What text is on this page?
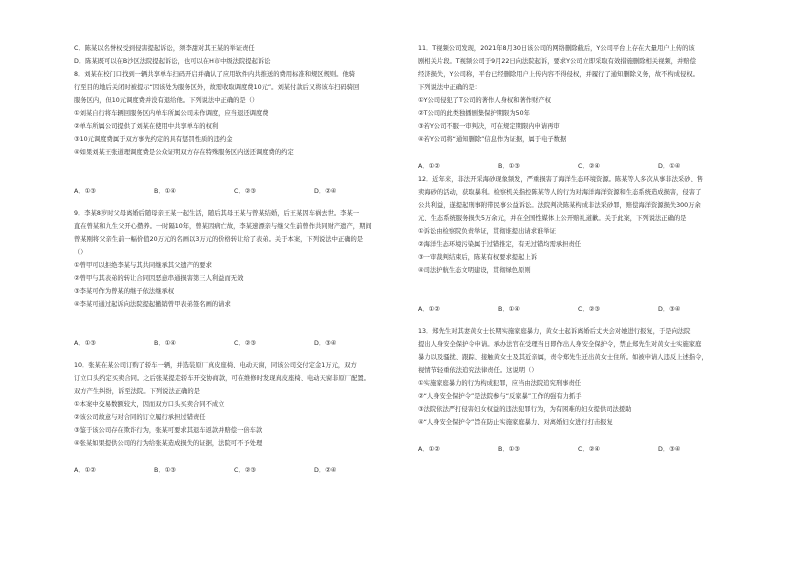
C．陈某以名誉权受到侵害提起诉讼，须李甜对其王某的举证责任
D．陈某既可以在B沙区法院提起诉讼，也可以在H市中级法院提起诉讼
8．刘某在校门口找到一辆共享单车扫码开启并确认了应用软件内共推送的费用标准和规区规则。他骑
行至目的地后关闭时被提示“因该处为服务区外，故需收取调度费10元”。刘某付款后又将该车扫码骑回
服务区内，但10元调度费并没有退给他。下列说法中正确的是（）
①刘某自行将车辆回服务区内单车所属公司未作调度，应当退还调度费
②单车所属公司提供了刘某在使用中共享单车的权利
③10元调度费属于双方事先约定的具有惩罚性质的违约金
④如果刘某王张道理调度费是公众证明双方存在特殊服务区内送还调度费的约定
A．①③	B．①④	C．②③	D．②④
9．李某8岁时父母离婚后随母亲王某一起生活，随后其母王某与曾某结婚，后王某因车祸去世。李某一
直在曾某和九生父开心攒养。一时隔10年，曾某因病亡故，李某速漂亲与继父生前曾作共同财产遗产，期间
曾某刚将父亲生前一幅价值20万元的名画以3万元的价格转让给了表弟。关于本案，下列说法中正确的是
（）
①曾甲可以拒绝李某与其共同继承其父遗产的要求
②曾甲与其表弟的转让合同因恶意串通损害第三人利益而无效
③李某可作为曾某的继子依法继承权
④李某可通过起诉向法院提起撤销曾甲表弟签名画的请求
A．①③	B．①④	C．②③	D．③④
10．张某在某公司订购了轿车一辆，并选装原厂真皮座椅、电动天窗，同该公司交付定金1万元，双方
订立口头约定买卖合同。之后张某提走轿车开交协商款，可在维修时发现真皮座椅、电动天窗非原厂配置。
双方产生纠纷，诉至法院。下列说法正确的是
①本案中交易数额较大，因而双方口头买卖合同不成立
②该公司故意与对合同的订立履行承担过错责任
③鉴于该公司存在欺诈行为，张某可要求其退车返款并赔偿一倍车款
④张某如果提供公司的行为给张某造成损失的证据，法院可不予处理
A．①②	B．①③	C．②③	D．②④
11．T视频公司发现，2021年8月30日该公司的网络删除截后，Y公司平台上存在大量用户上传的该
剧相关片段。T视频公司于9月22日向法院起诉，要求Y公司立即采取有效措施删除相关视频，并赔偿
经济损失，Y公司称，平台已经删除用户上传内容不得侵权，并履行了通知删除义务，故不构成侵权。
下列说法中正确的是：
①Y公司侵犯了T公司的著作人身权和著作财产权
②T公司的此类独播剧集保护期限为50年
③若Y公司不服一审判决，可在规定期限内申请再审
④若Y公司将“通知删除”信息作为证据，属于电子数据
A．①②	B．①③	C．②④	D．①④
12．近年来，非法开采海砂现象频发，严重损害了海洋生态环境资源。陈某等人多次从事非法采砂、售
卖海砂的活动，获取暴利。检察机关指控陈某等人的行为对海洋海洋资源和生态系统造成损害，侵害了
公共利益，遂提起刑事附带民事公益诉讼。法院判决陈某构成非法采砂罪，赔偿海洋资源损失300万余
元、生态系统服务损失5万余元，并在全国性媒体上公开赔礼道歉。关于此案，下列说法正确的是
①诉讼由检察院负责举证，贯彻谁提出请求谁举证
②海洋生态环境污染属于过错推定，有无过错均需承担责任
③一审裁判结束后，陈某有权要求提起上诉
④司法护航生态文明建设，贯彻绿色原则
A．①②	B．①④	C．②③	D．③④
13．郑先生对其妻黄女士长期实施家庭暴力，黄女士起诉离婚后丈夫会对她进行报复，于是向法院
提出人身安全保护令申请。承办法官在受理当日即作出人身安全保护令，禁止郑先生对黄女士实施家庭
暴力以及骚扰、跟踪、接触黄女士及其近亲属，责令郑先生迁出黄女士住所。如被申请人违反上述指令，
视情节轻重依法追究法律责任。这说明（）
①实施家庭暴力的行为构成犯罪，应当由法院追究刑事责任
②“人身安全保护令”是法院参与“反家暴”工作的强有力抓手
③法院依法严打侵害妇女权益的违法犯罪行为，为有困难的妇女提供司法援助
④“人身安全保护令”旨在防止实施家庭暴力、对离婚妇女进行打击报复
A．①②	B．①③	C．②④	D．③④
